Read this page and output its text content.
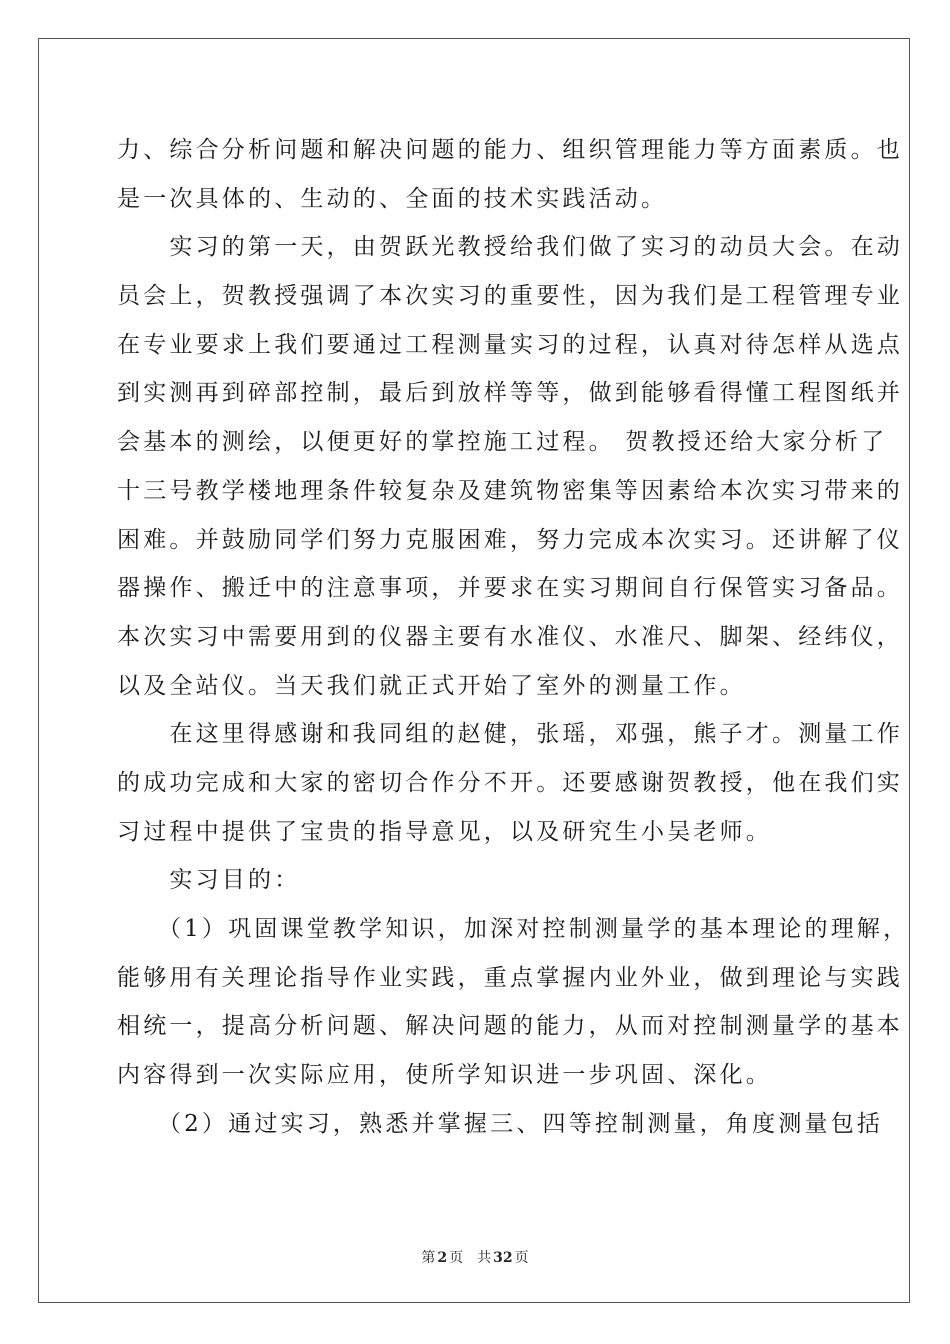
力、综合分析问题和解决问题的能力、组织管理能力等方面素质。也
是一次具体的、生动的、全面的技术实践活动。
　　实习的第一天，由贺跃光教授给我们做了实习的动员大会。在动
员会上，贺教授强调了本次实习的重要性，因为我们是工程管理专业
在专业要求上我们要通过工程测量实习的过程，认真对待怎样从选点
到实测再到碎部控制，最后到放样等等，做到能够看得懂工程图纸并
会基本的测绘，以便更好的掌控施工过程。 贺教授还给大家分析了
十三号教学楼地理条件较复杂及建筑物密集等因素给本次实习带来的
困难。并鼓励同学们努力克服困难，努力完成本次实习。还讲解了仪
器操作、搬迁中的注意事项，并要求在实习期间自行保管实习备品。
本次实习中需要用到的仪器主要有水准仪、水准尺、脚架、经纬仪，
以及全站仪。当天我们就正式开始了室外的测量工作。
　　在这里得感谢和我同组的赵健，张瑶，邓强，熊子才。测量工作
的成功完成和大家的密切合作分不开。还要感谢贺教授，他在我们实
习过程中提供了宝贵的指导意见，以及研究生小吴老师。
　　实习目的：
　　（1）巩固课堂教学知识，加深对控制测量学的基本理论的理解，
能够用有关理论指导作业实践，重点掌握内业外业，做到理论与实践
相统一，提高分析问题、解决问题的能力，从而对控制测量学的基本
内容得到一次实际应用，使所学知识进一步巩固、深化。
　　（2）通过实习，熟悉并掌握三、四等控制测量，角度测量包括
第 2 页 共 32 页
